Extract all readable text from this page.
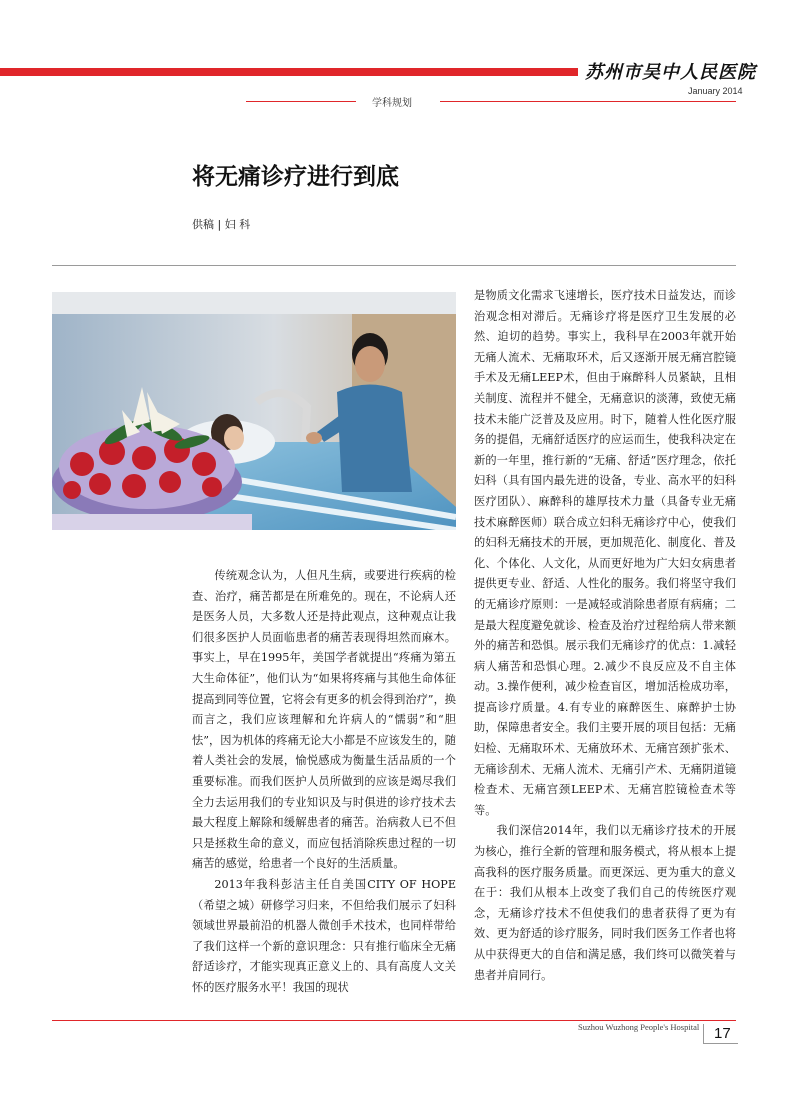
苏州市吴中人民医院
January 2014
学科规划
将无痛诊疗进行到底
供稿 | 妇 科

传统观念认为，人但凡生病，或要进行疾病的检查、治疗，痛苦都是在所难免的。现在，不论病人还是医务人员，大多数人还是持此观点，这种观点让我们很多医护人员面临患者的痛苦表现得坦然而麻木。事实上，早在1995年，美国学者就提出“疼痛为第五大生命体征”，他们认为“如果将疼痛与其他生命体征提高到同等位置，它将会有更多的机会得到治疗”，换而言之，我们应该理解和允许病人的“懦弱”和“胆怯”，因为机体的疼痛无论大小都是不应该发生的，随着人类社会的发展，愉悦感成为衡量生活品质的一个重要标准。而我们医护人员所做到的应该是竭尽我们全力去运用我们的专业知识及与时俱进的诊疗技术去最大程度上解除和缓解患者的痛苦。治病救人已不但只是拯救生命的意义，而应包括消除疾患过程的一切痛苦的感觉，给患者一个良好的生活质量。

2013年我科彭洁主任自美国CITY OF HOPE（希望之城）研修学习归来，不但给我们展示了妇科领域世界最前沿的机器人微创手术技术，也同样带给了我们这样一个新的意识理念：只有推行临床全无痛舒适诊疗，才能实现真正意义上的、具有高度人文关怀的医疗服务水平！我国的现状

是物质文化需求飞速增长，医疗技术日益发达，而诊治观念相对滞后。无痛诊疗将是医疗卫生发展的必然、迫切的趋势。事实上，我科早在2003年就开始无痛人流术、无痛取环术，后又逐渐开展无痛宫腔镜手术及无痛LEEP术，但由于麻醉科人员紧缺，且相关制度、流程并不健全，无痛意识的淡薄，致使无痛技术未能广泛普及及应用。时下，随着人性化医疗服务的提倡，无痛舒适医疗的应运而生，使我科决定在新的一年里，推行新的“无痛、舒适”医疗理念，依托妇科（具有国内最先进的设备，专业、高水平的妇科医疗团队）、麻醉科的雄厚技术力量（具备专业无痛技术麻醉医师）联合成立妇科无痛诊疗中心，使我们的妇科无痛技术的开展，更加规范化、制度化、普及化、个体化、人文化，从而更好地为广大妇女病患者提供更专业、舒适、人性化的服务。我们将坚守我们的无痛诊疗原则：一是减轻或消除患者原有病痛；二是最大程度避免就诊、检查及治疗过程给病人带来额外的痛苦和恐惧。展示我们无痛诊疗的优点：1.减轻病人痛苦和恐惧心理。2.减少不良反应及不自主体动。3.操作便利，减少检查盲区，增加活检成功率，提高诊疗质量。4.有专业的麻醉医生、麻醉护士协助，保障患者安全。我们主要开展的项目包括：无痛妇检、无痛取环术、无痛放环术、无痛宫颈扩张术、无痛诊刮术、无痛人流术、无痛引产术、无痛阴道镜检查术、无痛宫颈LEEP术、无痛宫腔镜检查术等等。

我们深信2014年，我们以无痛诊疗技术的开展为核心，推行全新的管理和服务模式，将从根本上提高我科的医疗服务质量。而更深远、更为重大的意义在于：我们从根本上改变了我们自己的传统医疗观念，无痛诊疗技术不但使我们的患者获得了更为有效、更为舒适的诊疗服务，同时我们医务工作者也将从中获得更大的自信和满足感，我们终可以微笑着与患者并肩同行。

Suzhou Wuzhong People's Hospital 17
